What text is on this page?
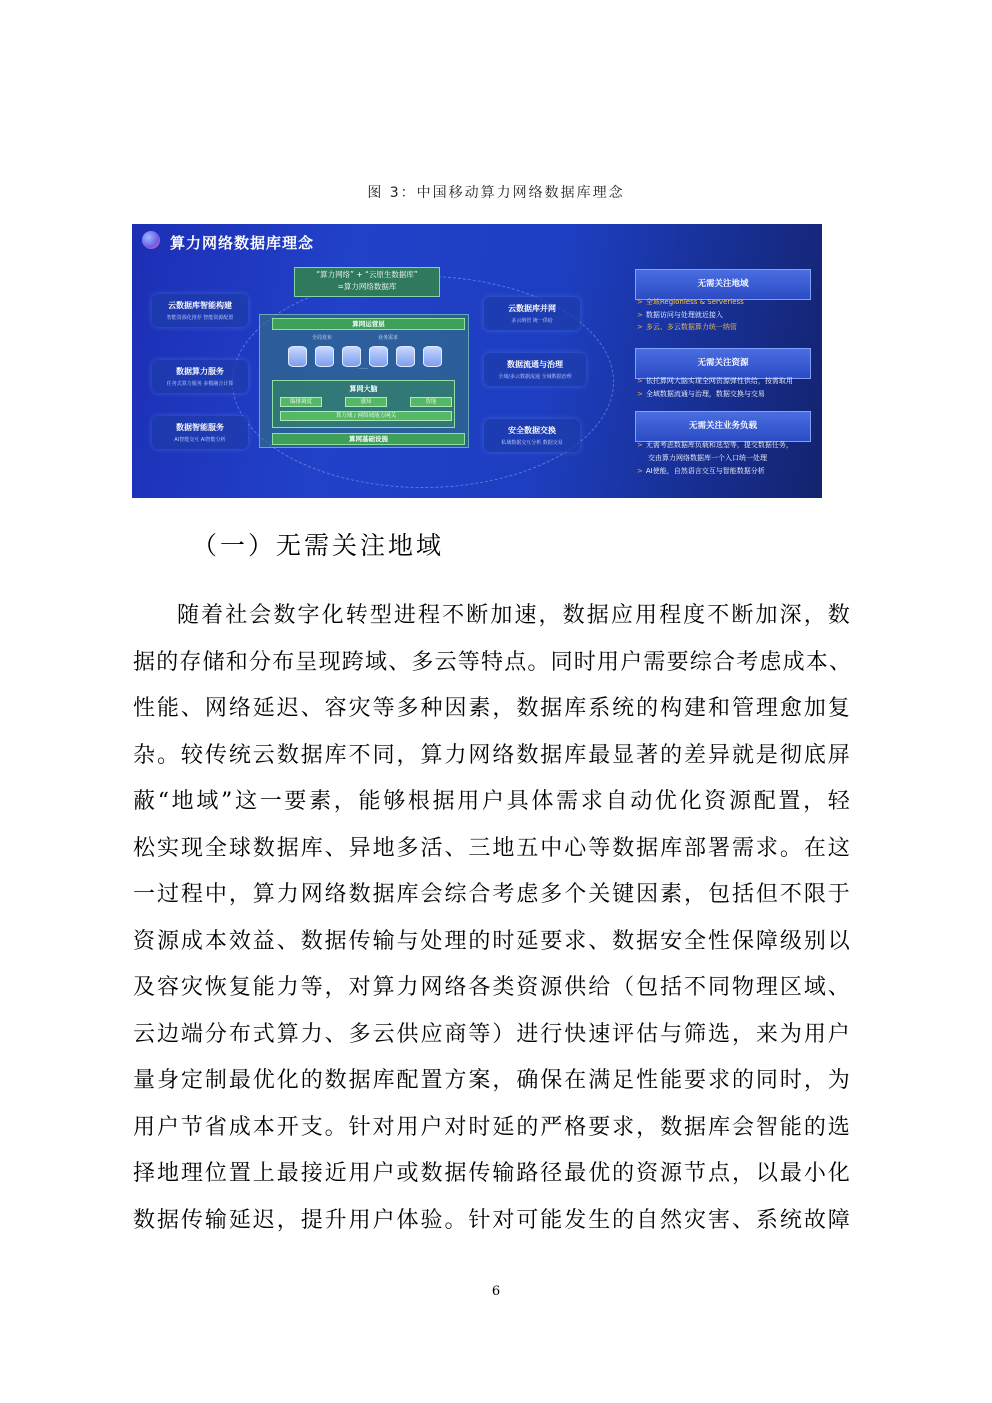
图 3：中国移动算力网络数据库理念
算力网络数据库理念
“算力网络” + “云原生数据库”
=算力网络数据库
算网运营层
全局发布	业务需求
……
算网大脑
编排调度	感知	智能
算力域 / 网络域能力网关
算网基础设施
云数据库智能构建
智能资源化推荐 智能资源配置
数据算力服务
任务式算力服务 多模融合计算
数据智能服务
AI智能交互 AI智能分析
云数据库并网
多云纳管 统一供给
数据流通与治理
全域/多云数据流通 全域数据治理
安全数据交换
私域数据交互分析 数据交易
无需关注地域
> 全域Regionless & Serverless
> 数据访问与处理就近接入
> 多云、多云数据算力统一纳管
无需关注资源
> 依托算网大脑实现全网资源弹性供给，按需取用
> 全域数据流通与治理，数据交换与交易
无需关注业务负载
> 无需考虑数据库负载和选型等，提交数据任务，
交由算力网络数据库一个入口统一处理
> AI使能，自然语言交互与智能数据分析
（一）无需关注地域
随着社会数字化转型进程不断加速，数据应用程度不断加深，数
据的存储和分布呈现跨域、多云等特点。同时用户需要综合考虑成本、
性能、网络延迟、容灾等多种因素，数据库系统的构建和管理愈加复
杂。较传统云数据库不同，算力网络数据库最显著的差异就是彻底屏
蔽“地域”这一要素，能够根据用户具体需求自动优化资源配置，轻
松实现全球数据库、异地多活、三地五中心等数据库部署需求。在这
一过程中，算力网络数据库会综合考虑多个关键因素，包括但不限于
资源成本效益、数据传输与处理的时延要求、数据安全性保障级别以
及容灾恢复能力等，对算力网络各类资源供给（包括不同物理区域、
云边端分布式算力、多云供应商等）进行快速评估与筛选，来为用户
量身定制最优化的数据库配置方案，确保在满足性能要求的同时，为
用户节省成本开支。针对用户对时延的严格要求，数据库会智能的选
择地理位置上最接近用户或数据传输路径最优的资源节点，以最小化
数据传输延迟，提升用户体验。针对可能发生的自然灾害、系统故障
6
